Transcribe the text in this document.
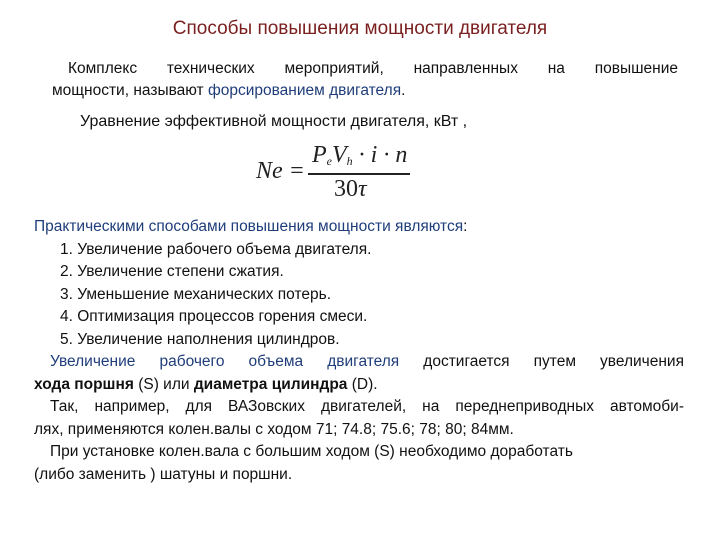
Способы повышения мощности двигателя
Комплекс технических мероприятий, направленных на повышение
мощности, называют форсированием двигателя.
Уравнение эффективной мощности двигателя, кВт ,
Ne =
$P_eV_h \cdot i \cdot n$
30τ
Практическими способами повышения мощности являются:
1. Увеличение рабочего объема двигателя.
2. Увеличение степени сжатия.
3. Уменьшение механических потерь.
4. Оптимизация процессов горения смеси.
5. Увеличение наполнения цилиндров.
Увеличение рабочего объема двигателя достигается путем увеличения
хода поршня (S) или диаметра цилиндра (D).
Так, например, для ВАЗовских двигателей, на переднеприводных автомоби-
лях, применяются колен.валы с ходом 71; 74.8; 75.6; 78; 80; 84мм.
При установке колен.вала с большим ходом (S) необходимо доработать
(либо заменить ) шатуны и поршни.
